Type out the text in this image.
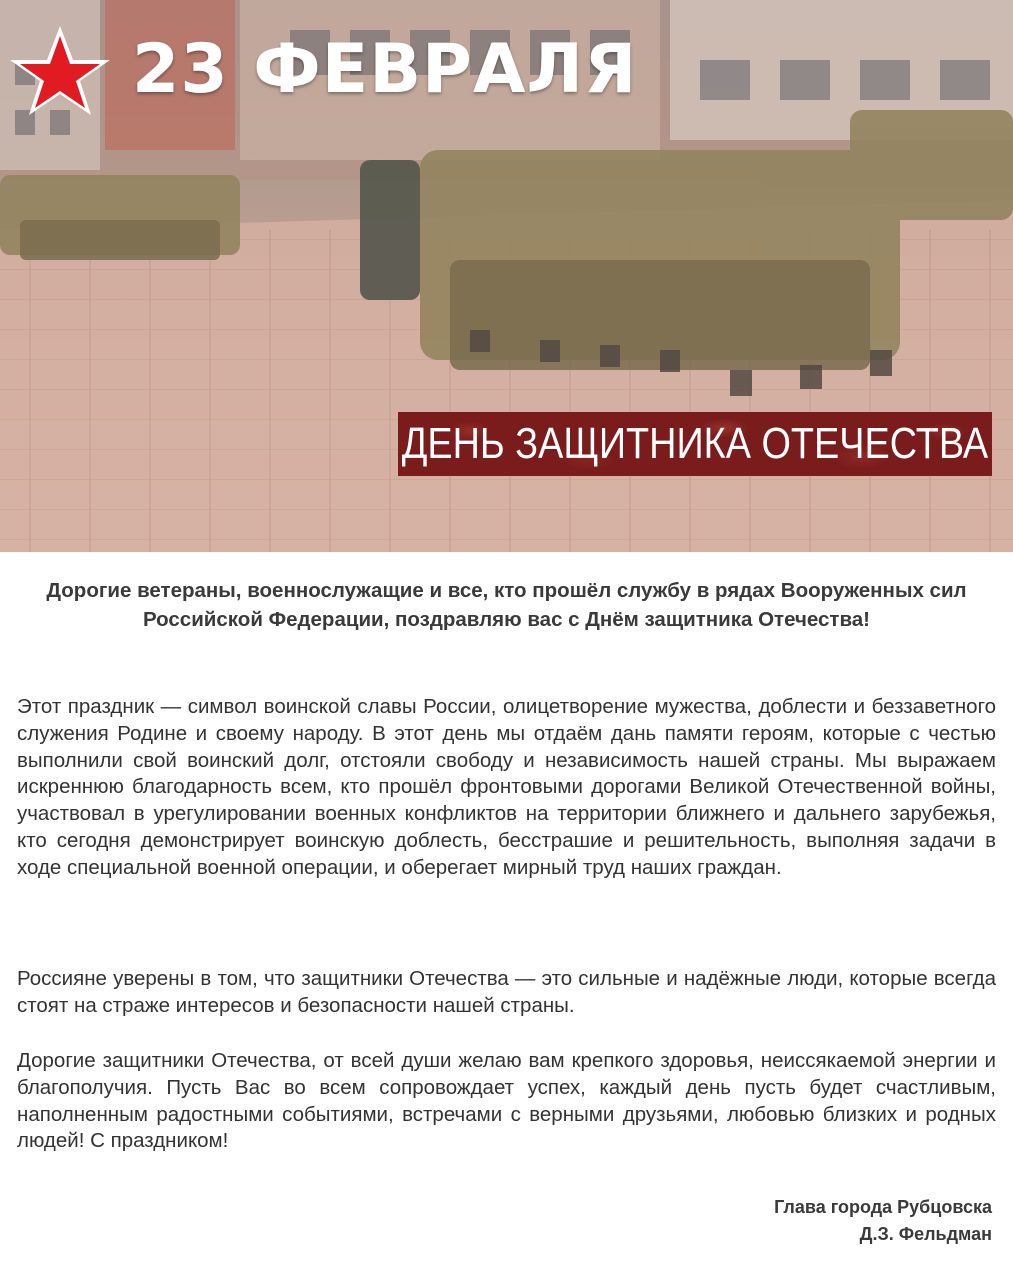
23 ФЕВРАЛЯ
ДЕНЬ ЗАЩИТНИКА ОТЕЧЕСТВА
Дорогие ветераны, военнослужащие и все, кто прошёл службу в рядах Вооруженных сил Российской Федерации, поздравляю вас с Днём защитника Отечества!

Этот праздник — символ воинской славы России, олицетворение мужества, доблести и беззаветного служения Родине и своему народу. В этот день мы отдаём дань памяти героям, которые с честью выполнили свой воинский долг, отстояли свободу и независимость нашей страны. Мы выражаем искреннюю благодарность всем, кто прошёл фронтовыми дорогами Великой Отечественной войны, участвовал в урегулировании военных конфликтов на территории ближнего и дальнего зарубежья, кто сегодня демонстрирует воинскую доблесть, бесстрашие и решительность, выполняя задачи в ходе специальной военной операции, и оберегает мирный труд наших граждан.

Россияне уверены в том, что защитники Отечества — это сильные и надёжные люди, которые всегда стоят на страже интересов и безопасности нашей страны.

Дорогие защитники Отечества, от всей души желаю вам крепкого здоровья, неиссякаемой энергии и благополучия. Пусть Вас во всем сопровождает успех, каждый день пусть будет счастливым, наполненным радостными событиями, встречами с верными друзьями, любовью близких и родных людей! С праздником!

Глава города Рубцовска
Д.З. Фельдман
